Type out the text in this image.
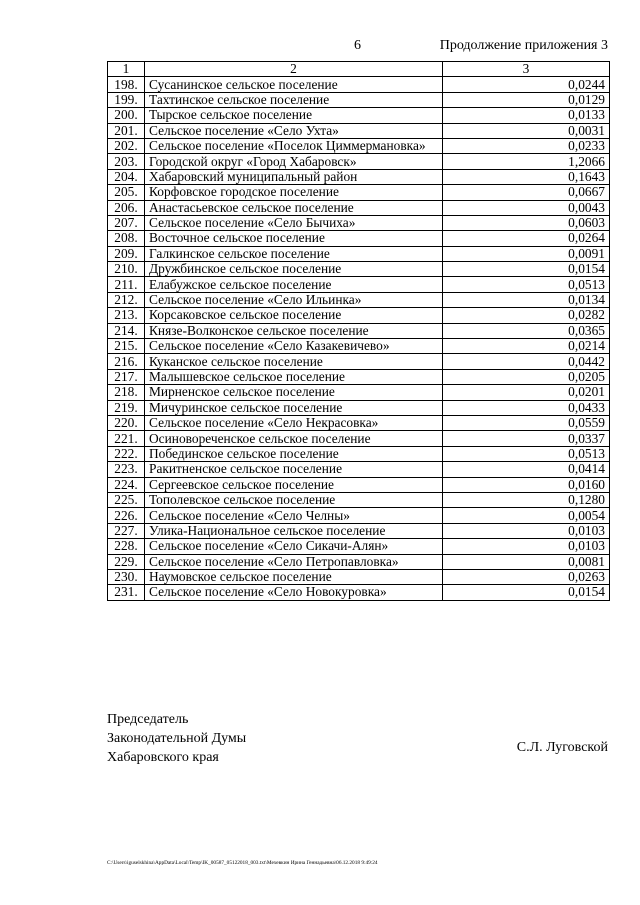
6	Продолжение приложения 3
1	2	3
198.	Сусанинское сельское поселение	0,0244
199.	Тахтинское сельское поселение	0,0129
200.	Тырское сельское поселение	0,0133
201.	Сельское поселение «Село Ухта»	0,0031
202.	Сельское поселение «Поселок Циммермановка»	0,0233
203.	Городской округ «Город Хабаровск»	1,2066
204.	Хабаровский муниципальный район	0,1643
205.	Корфовское городское поселение	0,0667
206.	Анастасьевское сельское поселение	0,0043
207.	Сельское поселение «Село Бычиха»	0,0603
208.	Восточное сельское поселение	0,0264
209.	Галкинское сельское поселение	0,0091
210.	Дружбинское сельское поселение	0,0154
211.	Елабужское сельское поселение	0,0513
212.	Сельское поселение «Село Ильинка»	0,0134
213.	Корсаковское сельское поселение	0,0282
214.	Князе-Волконское сельское поселение	0,0365
215.	Сельское поселение «Село Казакевичево»	0,0214
216.	Куканское сельское поселение	0,0442
217.	Малышевское сельское поселение	0,0205
218.	Мирненское сельское поселение	0,0201
219.	Мичуринское сельское поселение	0,0433
220.	Сельское поселение «Село Некрасовка»	0,0559
221.	Осиновореченское сельское поселение	0,0337
222.	Побединское сельское поселение	0,0513
223.	Ракитненское сельское поселение	0,0414
224.	Сергеевское сельское поселение	0,0160
225.	Тополевское сельское поселение	0,1280
226.	Сельское поселение «Село Челны»	0,0054
227.	Улика-Национальное сельское поселение	0,0103
228.	Сельское поселение «Село Сикачи-Алян»	0,0103
229.	Сельское поселение «Село Петропавловка»	0,0081
230.	Наумовское сельское поселение	0,0263
231.	Сельское поселение «Село Новокуровка»	0,0154
Председатель
Законодательной Думы
Хабаровского края
С.Л. Луговской
C:\Users\iguselskhina\AppData\Local\Temp\IK_00587_05122018_003.txt\Мехевкин Ирина Геннадьевна\06.12.2018 9:49:24
